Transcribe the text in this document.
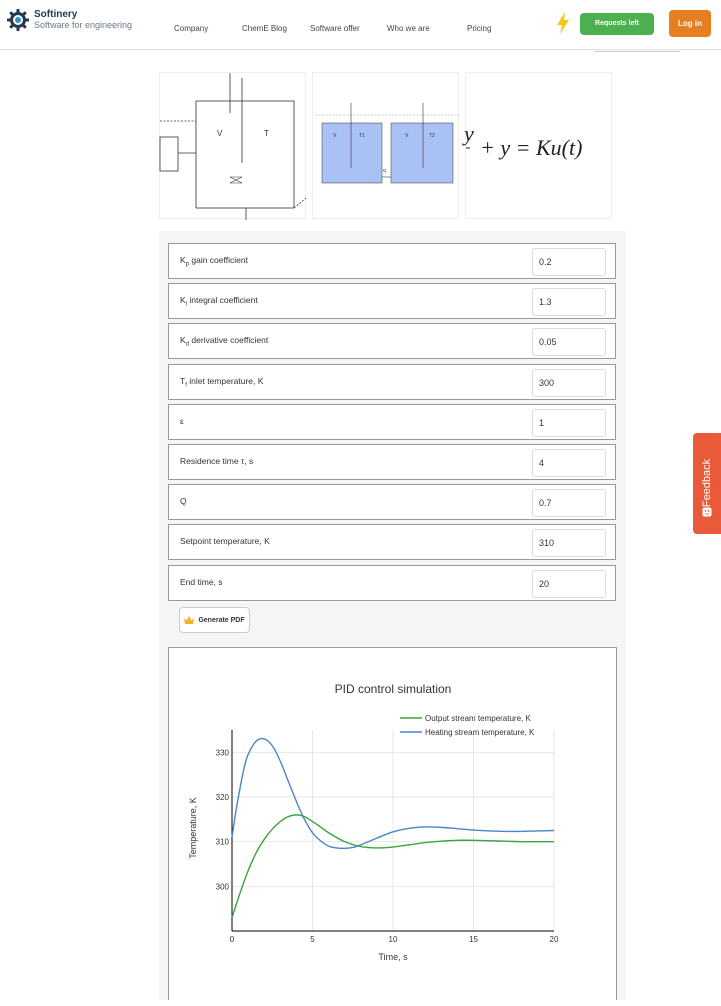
Softinery
Software for engineering	Company	ChemE Blog	Software offer	Who we are	Pricing
Requests left	Log in
V	T	V	T1	V	T2
q
y
+ y = Ku(t)
$K_p$ gain coefficient
0.2
$K_i$ integral coefficient
1.3
$K_d$ derivative coefficient
0.05
$T_f$ inlet temperature, K
300
ε
1
Residence time τ, s
4
Q
0.7
Setpoint temperature, K
310
End time, s
20
Generate PDF
PID control simulation
0	5	10	15	20
300
310
320
330
Output stream temperature, K
Heating stream temperature, K
Time, s
Temperature, K
Feedback
